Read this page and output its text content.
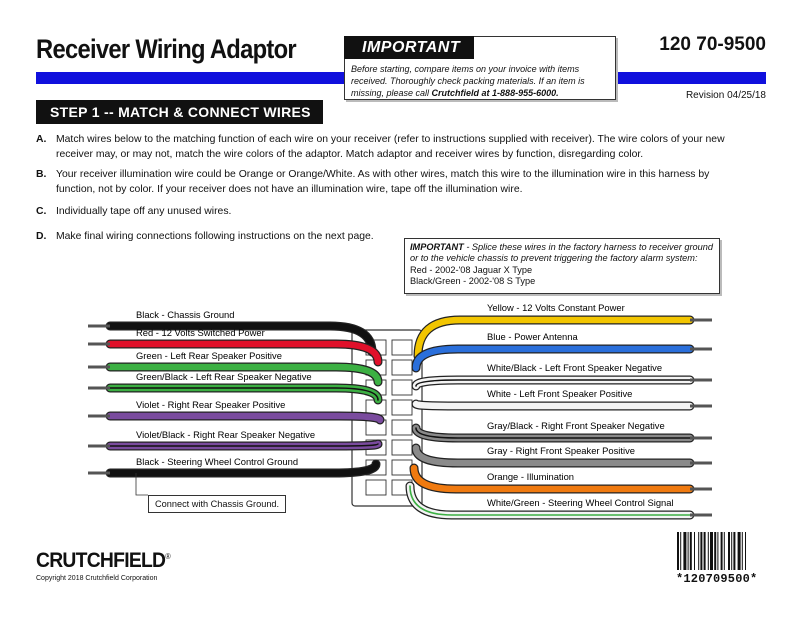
Receiver Wiring Adaptor	120 70-9500
IMPORTANT
Before starting, compare items on your invoice with items received. Thoroughly check packing materials. If an item is missing, please call Crutchfield at 1-888-955-6000.	Revision 04/25/18
STEP 1 -- MATCH & CONNECT WIRES
A. Match wires below to the matching function of each wire on your receiver (refer to instructions supplied with receiver). The wire colors of your new receiver may, or may not, match the wire colors of the adaptor. Match adaptor and receiver wires by function, disregarding color.
B. Your receiver illumination wire could be Orange or Orange/White. As with other wires, match this wire to the illumination wire in this harness by function, not by color. If your receiver does not have an illumination wire, tape off the illumination wire.
C. Individually tape off any unused wires.
D. Make final wiring connections following instructions on the next page.
IMPORTANT - Splice these wires in the factory harness to receiver ground or to the vehicle chassis to prevent triggering the factory alarm system:
Red - 2002-'08 Jaguar X Type
Black/Green - 2002-'08 S Type
Black - Chassis Ground
Red - 12 Volts Switched Power
Green - Left Rear Speaker Positive
Green/Black - Left Rear Speaker Negative
Violet - Right Rear Speaker Positive
Violet/Black - Right Rear Speaker Negative
Black - Steering Wheel Control Ground
Yellow - 12 Volts Constant Power
Blue - Power Antenna
White/Black - Left Front Speaker Negative
White - Left Front Speaker Positive
Gray/Black - Right Front Speaker Negative
Gray - Right Front Speaker Positive
Orange - Illumination
White/Green - Steering Wheel Control Signal
Connect with Chassis Ground.
CRUTCHFIELD®
Copyright 2018 Crutchfield Corporation	*120709500*
